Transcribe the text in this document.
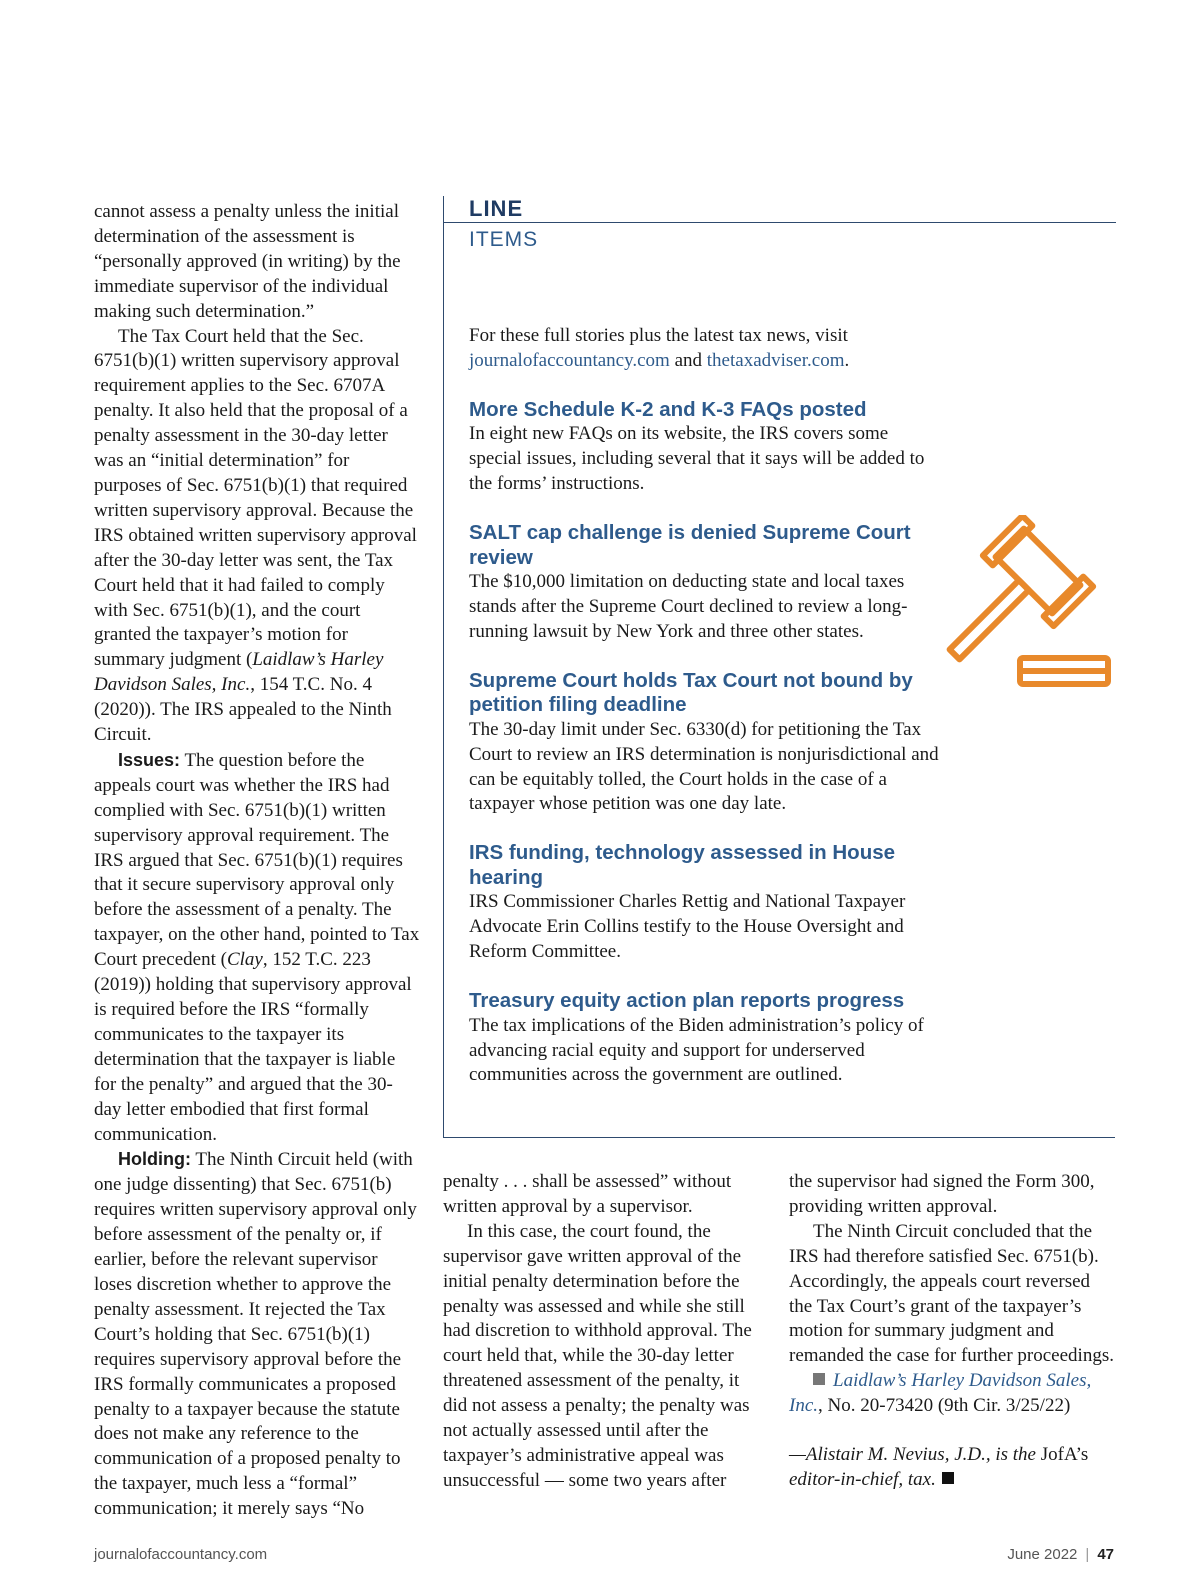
cannot assess a penalty unless the initial determination of the assessment is “personally approved (in writing) by the immediate supervisor of the individual making such determination.”

The Tax Court held that the Sec. 6751(b)(1) written supervisory approval requirement applies to the Sec. 6707A penalty. It also held that the proposal of a penalty assessment in the 30-day letter was an “initial determination” for purposes of Sec. 6751(b)(1) that required written supervisory approval. Because the IRS obtained written supervisory approval after the 30-day letter was sent, the Tax Court held that it had failed to comply with Sec. 6751(b)(1), and the court granted the taxpayer’s motion for summary judgment (Laidlaw’s Harley Davidson Sales, Inc., 154 T.C. No. 4 (2020)). The IRS appealed to the Ninth Circuit.

Issues: The question before the appeals court was whether the IRS had complied with Sec. 6751(b)(1) written supervisory approval requirement. The IRS argued that Sec. 6751(b)(1) requires that it secure supervisory approval only before the assessment of a penalty. The taxpayer, on the other hand, pointed to Tax Court precedent (Clay, 152 T.C. 223 (2019)) holding that supervisory approval is required before the IRS “formally communicates to the taxpayer its determination that the taxpayer is liable for the penalty” and argued that the 30-day letter embodied that first formal communication.

Holding: The Ninth Circuit held (with one judge dissenting) that Sec. 6751(b) requires written supervisory approval only before assessment of the penalty or, if earlier, before the relevant supervisor loses discretion whether to approve the penalty assessment. It rejected the Tax Court’s holding that Sec. 6751(b)(1) requires supervisory approval before the IRS formally communicates a proposed penalty to a taxpayer because the statute does not make any reference to the communication of a proposed penalty to the taxpayer, much less a “formal” communication; it merely says “No

LINE
ITEMS

For these full stories plus the latest tax news, visit
journalofaccountancy.com and thetaxadviser.com.

More Schedule K-2 and K-3 FAQs posted

In eight new FAQs on its website, the IRS covers some special issues, including several that it says will be added to the forms’ instructions.

SALT cap challenge is denied Supreme Court review

The $10,000 limitation on deducting state and local taxes stands after the Supreme Court declined to review a long-running lawsuit by New York and three other states.

Supreme Court holds Tax Court not bound by petition filing deadline

The 30-day limit under Sec. 6330(d) for petitioning the Tax Court to review an IRS determination is nonjurisdictional and can be equitably tolled, the Court holds in the case of a taxpayer whose petition was one day late.

IRS funding, technology assessed in House hearing

IRS Commissioner Charles Rettig and National Taxpayer Advocate Erin Collins testify to the House Oversight and Reform Committee.

Treasury equity action plan reports progress

The tax implications of the Biden administration’s policy of advancing racial equity and support for underserved communities across the government are outlined.

penalty . . . shall be assessed” without written approval by a supervisor.

In this case, the court found, the supervisor gave written approval of the initial penalty determination before the penalty was assessed and while she still had discretion to withhold approval. The court held that, while the 30-day letter threatened assessment of the penalty, it did not assess a penalty; the penalty was not actually assessed until after the taxpayer’s administrative appeal was unsuccessful — some two years after

the supervisor had signed the Form 300, providing written approval.

The Ninth Circuit concluded that the IRS had therefore satisfied Sec. 6751(b). Accordingly, the appeals court reversed the Tax Court’s grant of the taxpayer’s motion for summary judgment and remanded the case for further proceedings.

Laidlaw’s Harley Davidson Sales, Inc., No. 20-73420 (9th Cir. 3/25/22)

—Alistair M. Nevius, J.D., is the JofA’s editor-in-chief, tax.

journalofaccountancy.com	June 2022 | 47
